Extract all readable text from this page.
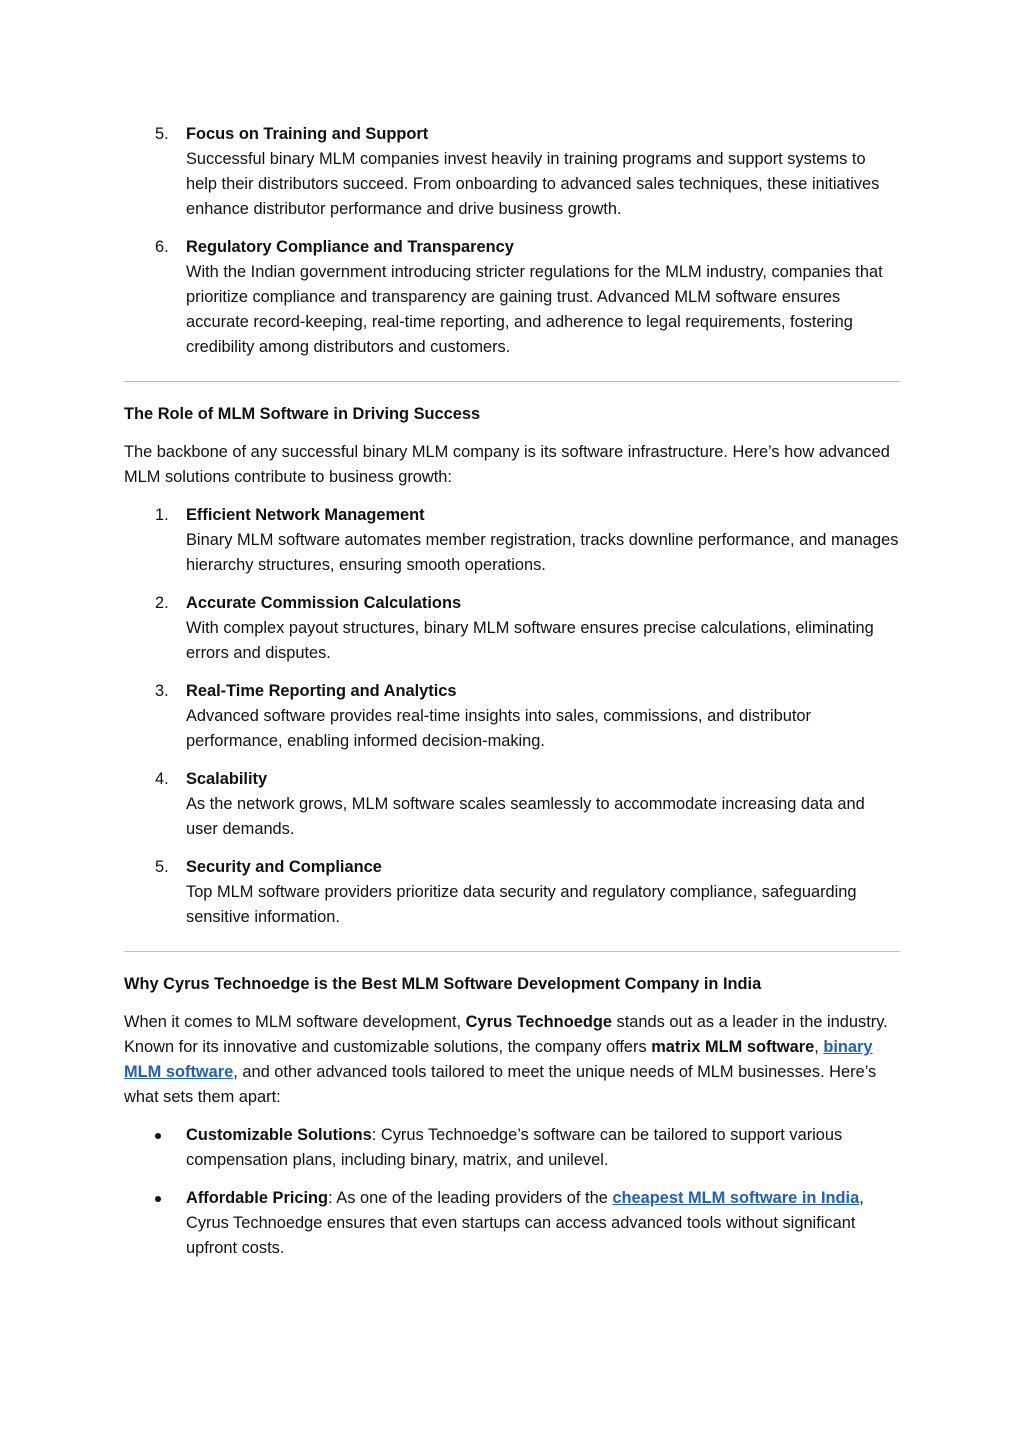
5. Focus on Training and Support
Successful binary MLM companies invest heavily in training programs and support systems to help their distributors succeed. From onboarding to advanced sales techniques, these initiatives enhance distributor performance and drive business growth.
6. Regulatory Compliance and Transparency
With the Indian government introducing stricter regulations for the MLM industry, companies that prioritize compliance and transparency are gaining trust. Advanced MLM software ensures accurate record-keeping, real-time reporting, and adherence to legal requirements, fostering credibility among distributors and customers.

The Role of MLM Software in Driving Success

The backbone of any successful binary MLM company is its software infrastructure. Here’s how advanced MLM solutions contribute to business growth:

1. Efficient Network Management
Binary MLM software automates member registration, tracks downline performance, and manages hierarchy structures, ensuring smooth operations.
2. Accurate Commission Calculations
With complex payout structures, binary MLM software ensures precise calculations, eliminating errors and disputes.
3. Real-Time Reporting and Analytics
Advanced software provides real-time insights into sales, commissions, and distributor performance, enabling informed decision-making.
4. Scalability
As the network grows, MLM software scales seamlessly to accommodate increasing data and user demands.
5. Security and Compliance
Top MLM software providers prioritize data security and regulatory compliance, safeguarding sensitive information.

Why Cyrus Technoedge is the Best MLM Software Development Company in India

When it comes to MLM software development, Cyrus Technoedge stands out as a leader in the industry. Known for its innovative and customizable solutions, the company offers matrix MLM software, binary MLM software, and other advanced tools tailored to meet the unique needs of MLM businesses. Here’s what sets them apart:

Customizable Solutions: Cyrus Technoedge’s software can be tailored to support various compensation plans, including binary, matrix, and unilevel.
Affordable Pricing: As one of the leading providers of the cheapest MLM software in India, Cyrus Technoedge ensures that even startups can access advanced tools without significant upfront costs.
